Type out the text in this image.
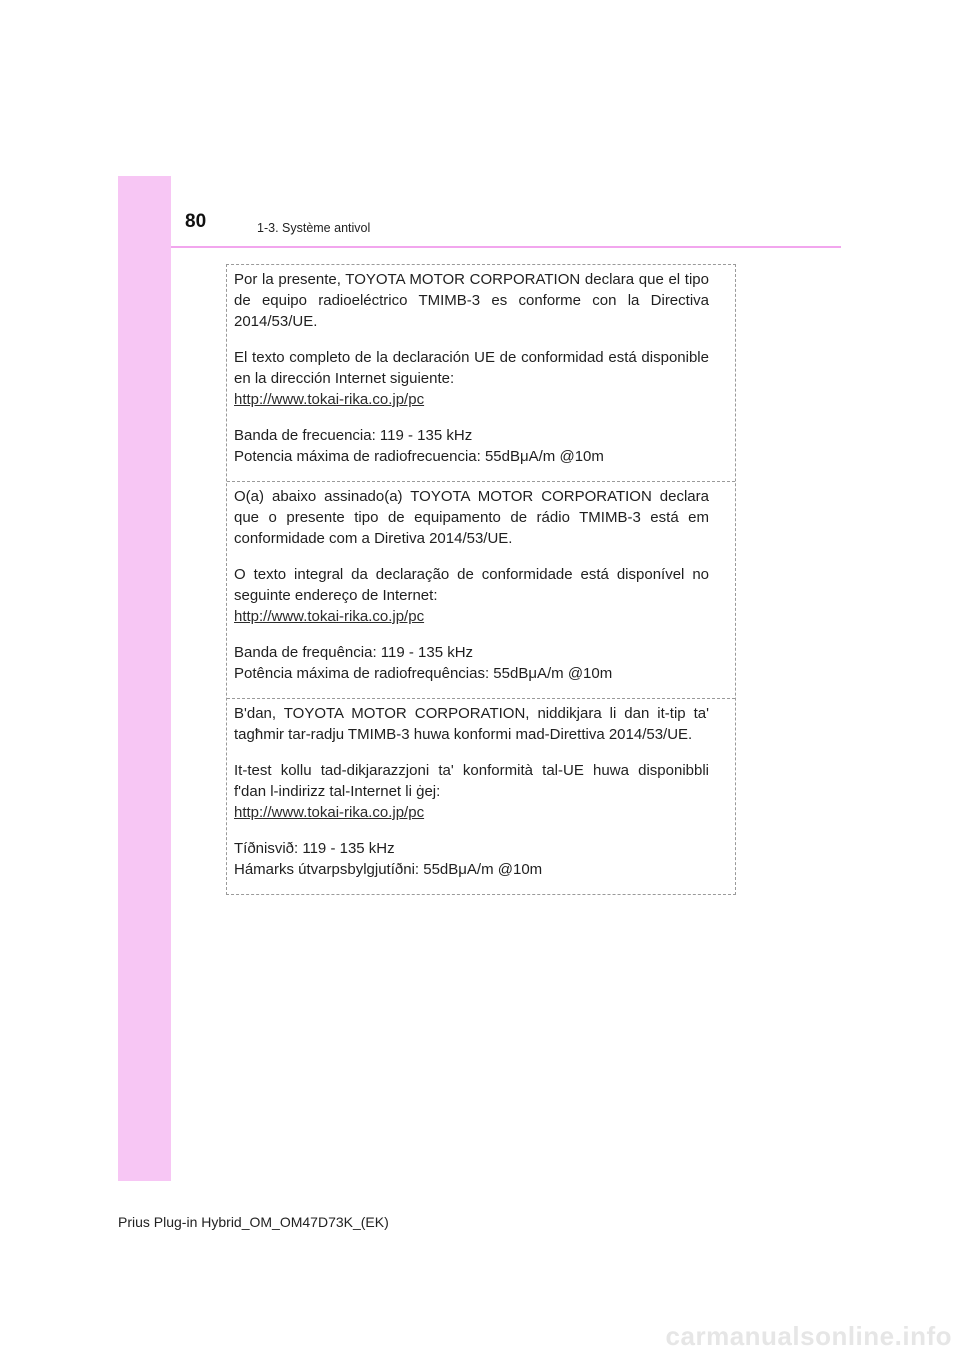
80	1-3. Système antivol

Por la presente, TOYOTA MOTOR CORPORATION declara que el tipo de equipo radioeléctrico TMIMB-3 es conforme con la Directiva 2014/53/UE.

El texto completo de la declaración UE de conformidad está disponible en la dirección Internet siguiente:

http://www.tokai-rika.co.jp/pc

Banda de frecuencia: 119 - 135 kHz

Potencia máxima de radiofrecuencia: 55dBμA/m @10m

O(a) abaixo assinado(a) TOYOTA MOTOR CORPORATION declara que o presente tipo de equipamento de rádio TMIMB-3 está em conformidade com a Diretiva 2014/53/UE.

O texto integral da declaração de conformidade está disponível no seguinte endereço de Internet:

http://www.tokai-rika.co.jp/pc

Banda de frequência: 119 - 135 kHz

Potência máxima de radiofrequências: 55dBμA/m @10m

B'dan, TOYOTA MOTOR CORPORATION, niddikjara li dan it-tip ta' tagħmir tar-radju TMIMB-3 huwa konformi mad-Direttiva 2014/53/UE.

It-test kollu tad-dikjarazzjoni ta' konformità tal-UE huwa disponibbli f'dan l-indirizz tal-Internet li ġej:

http://www.tokai-rika.co.jp/pc

Tíðnisvið: 119 - 135 kHz

Hámarks útvarpsbylgjutíðni: 55dBμA/m @10m

Prius Plug-in Hybrid_OM_OM47D73K_(EK)
carmanualsonline.info
